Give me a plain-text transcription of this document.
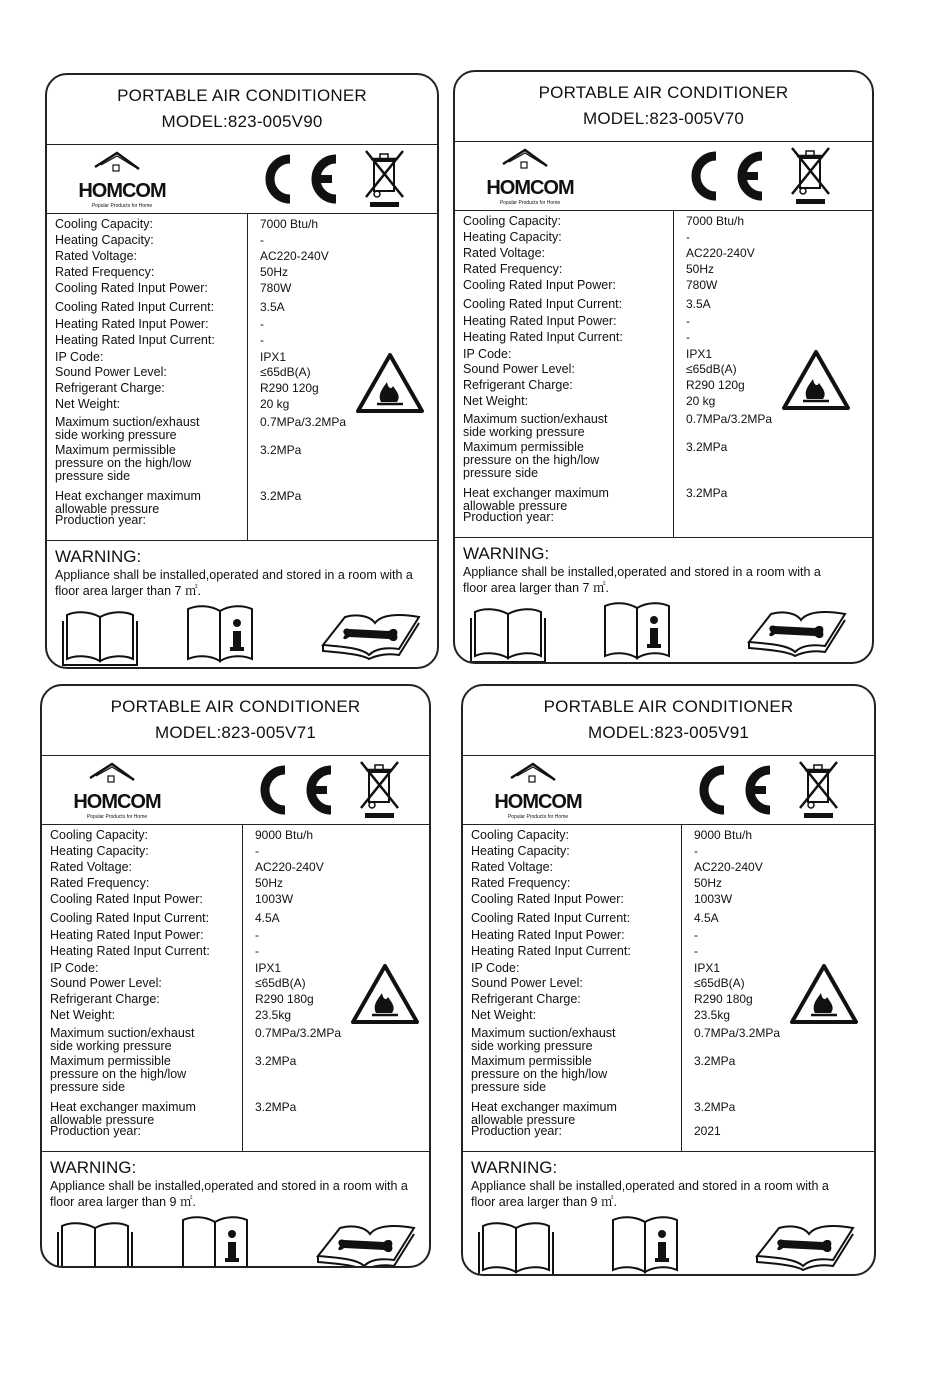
PORTABLE AIR CONDITIONER
MODEL:823-005V90
HOMCOM
Popular Products for Home
Cooling Capacity:	7000 Btu/h
Heating Capacity:	-
Rated Voltage:	AC220-240V
Rated Frequency:	50Hz
Cooling Rated Input Power:	780W
Cooling Rated Input Current:	3.5A
Heating Rated Input Power:	-
Heating Rated Input Current:	-
IP Code:	IPX1
Sound Power Level:	≤65dB(A)
Refrigerant Charge:	R290 120g
Net Weight:	20 kg
Maximum suction/exhaust
side working pressure
0.7MPa/3.2MPa
Maximum permissible
pressure on the high/low
pressure side
3.2MPa
Heat exchanger maximum
allowable pressure
3.2MPa
Production year:
WARNING:
Appliance shall be installed,operated and stored in a room with a floor area larger than 7 ㎡.
PORTABLE AIR CONDITIONER
MODEL:823-005V70
HOMCOM
Popular Products for Home
Cooling Capacity:	7000 Btu/h
Heating Capacity:	-
Rated Voltage:	AC220-240V
Rated Frequency:	50Hz
Cooling Rated Input Power:	780W
Cooling Rated Input Current:	3.5A
Heating Rated Input Power:	-
Heating Rated Input Current:	-
IP Code:	IPX1
Sound Power Level:	≤65dB(A)
Refrigerant Charge:	R290 120g
Net Weight:	20 kg
Maximum suction/exhaust
side working pressure
0.7MPa/3.2MPa
Maximum permissible
pressure on the high/low
pressure side
3.2MPa
Heat exchanger maximum
allowable pressure
3.2MPa
Production year:
WARNING:
Appliance shall be installed,operated and stored in a room with a floor area larger than 7 ㎡.
PORTABLE AIR CONDITIONER
MODEL:823-005V71
HOMCOM
Popular Products for Home
Cooling Capacity:	9000 Btu/h
Heating Capacity:	-
Rated Voltage:	AC220-240V
Rated Frequency:	50Hz
Cooling Rated Input Power:	1003W
Cooling Rated Input Current:	4.5A
Heating Rated Input Power:	-
Heating Rated Input Current:	-
IP Code:	IPX1
Sound Power Level:	≤65dB(A)
Refrigerant Charge:	R290 180g
Net Weight:	23.5kg
Maximum suction/exhaust
side working pressure
0.7MPa/3.2MPa
Maximum permissible
pressure on the high/low
pressure side
3.2MPa
Heat exchanger maximum
allowable pressure
3.2MPa
Production year:
WARNING:
Appliance shall be installed,operated and stored in a room with a floor area larger than 9 ㎡.
PORTABLE AIR CONDITIONER
MODEL:823-005V91
HOMCOM
Popular Products for Home
Cooling Capacity:	9000 Btu/h
Heating Capacity:	-
Rated Voltage:	AC220-240V
Rated Frequency:	50Hz
Cooling Rated Input Power:	1003W
Cooling Rated Input Current:	4.5A
Heating Rated Input Power:	-
Heating Rated Input Current:	-
IP Code:	IPX1
Sound Power Level:	≤65dB(A)
Refrigerant Charge:	R290 180g
Net Weight:	23.5kg
Maximum suction/exhaust
side working pressure
0.7MPa/3.2MPa
Maximum permissible
pressure on the high/low
pressure side
3.2MPa
Heat exchanger maximum
allowable pressure
3.2MPa
Production year:	2021
WARNING:
Appliance shall be installed,operated and stored in a room with a floor area larger than 9 ㎡.
